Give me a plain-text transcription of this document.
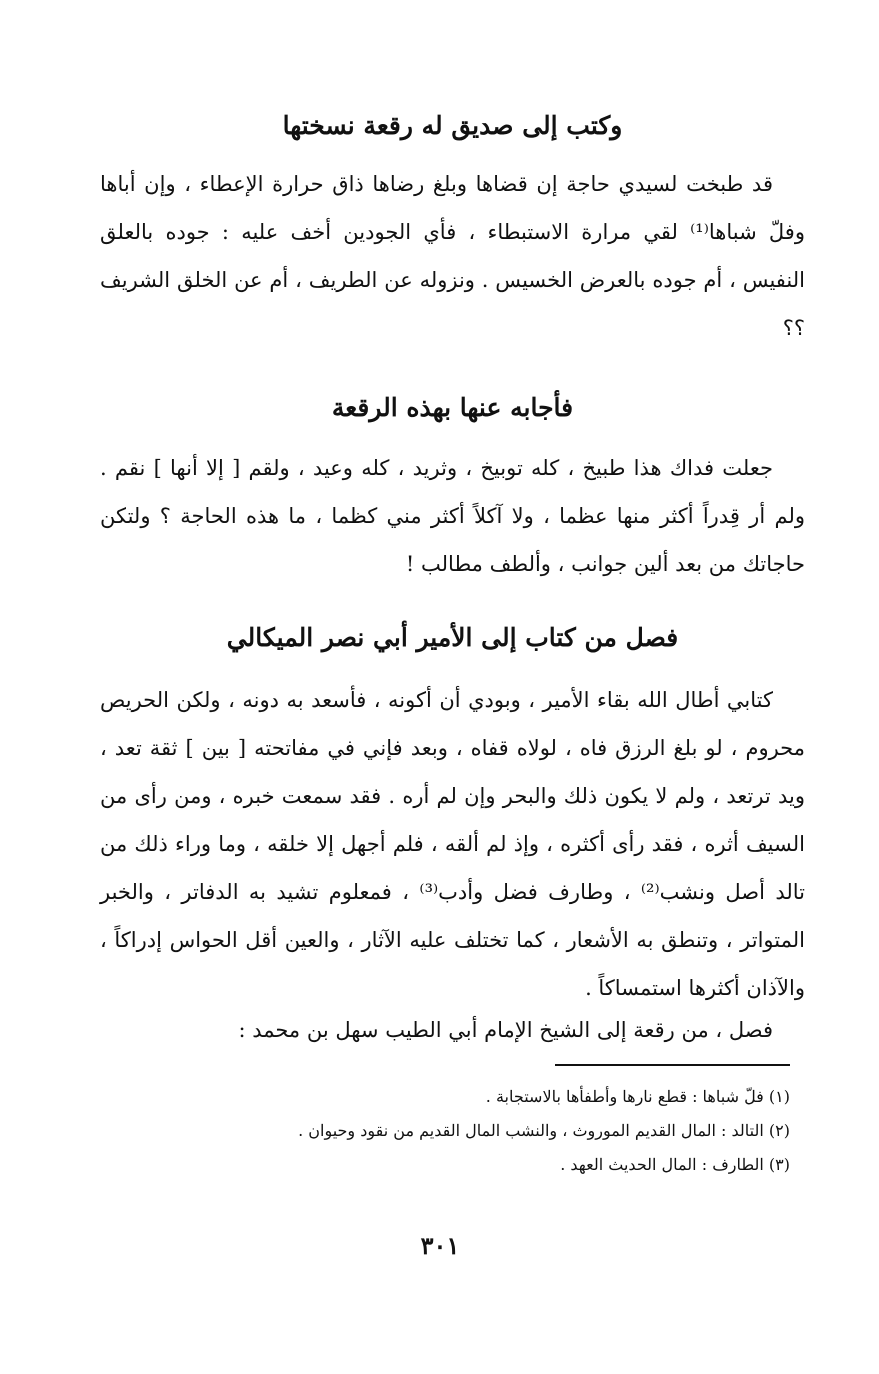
وكتب إلى صديق له رقعة نسختها

قد طبخت لسيدي حاجة إن قضاها وبلغ رضاها ذاق حرارة الإعطاء ، وإن أباها وفلّ شباها⁽¹⁾ لقي مرارة الاستبطاء ، فأي الجودين أخف عليه : جوده بالعلق النفيس ، أم جوده بالعرض الخسيس . ونزوله عن الطريف ، أم عن الخلق الشريف ؟؟

فأجابه عنها بهذه الرقعة

جعلت فداك هذا طبيخ ، كله توبيخ ، وثريد ، كله وعيد ، ولقم [ إلا أنها ] نقم . ولم أر قِدراً أكثر منها عظما ، ولا آكلاً أكثر مني كظما ، ما هذه الحاجة ؟ ولتكن حاجاتك من بعد ألين جوانب ، وألطف مطالب !

فصل من كتاب إلى الأمير أبي نصر الميكالي

كتابي أطال الله بقاء الأمير ، وبودي أن أكونه ، فأسعد به دونه ، ولكن الحريص محروم ، لو بلغ الرزق فاه ، لولاه قفاه ، وبعد فإني في مفاتحته [ بين ] ثقة تعد ، ويد ترتعد ، ولم لا يكون ذلك والبحر وإن لم أره . فقد سمعت خبره ، ومن رأى من السيف أثره ، فقد رأى أكثره ، وإذ لم ألقه ، فلم أجهل إلا خلقه ، وما وراء ذلك من تالد أصل ونشب⁽²⁾ ، وطارف فضل وأدب⁽³⁾ ، فمعلوم تشيد به الدفاتر ، والخبر المتواتر ، وتنطق به الأشعار ، كما تختلف عليه الآثار ، والعين أقل الحواس إدراكاً ، والآذان أكثرها استمساكاً .

فصل ، من رقعة إلى الشيخ الإمام أبي الطيب سهل بن محمد :

(١) فلّ شباها : قطع نارها وأطفأها بالاستجابة .
(٢) التالد : المال القديم الموروث ، والنشب المال القديم من نقود وحيوان .
(٣) الطارف : المال الحديث العهد .
٣٠١
